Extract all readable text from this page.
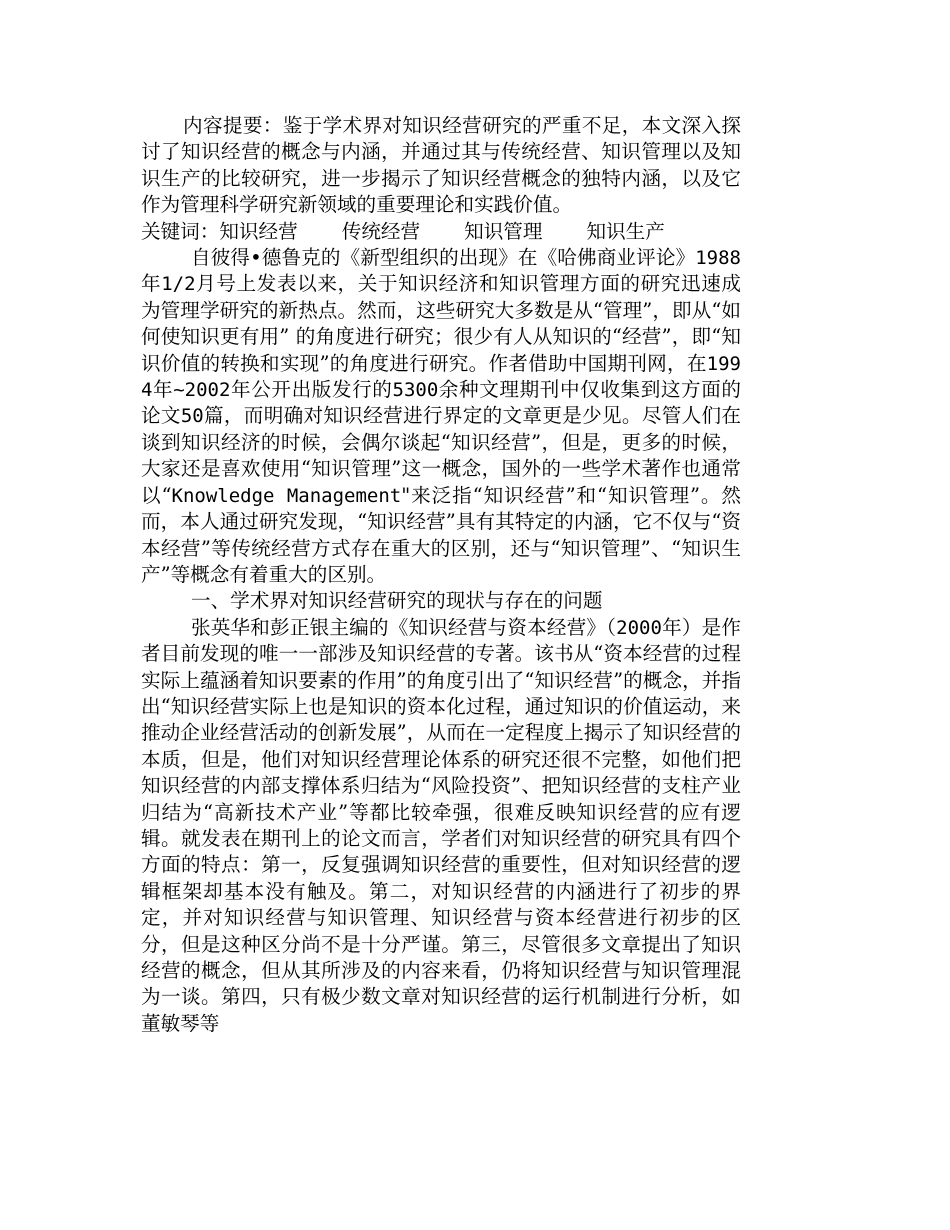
内容提要：鉴于学术界对知识经营研究的严重不足，本文深入探讨了知识经营的概念与内涵，并通过其与传统经营、知识管理以及知识生产的比较研究，进一步揭示了知识经营概念的独特内涵，以及它作为管理科学研究新领域的重要理论和实践价值。

关键词：知识经营 传统经营 知识管理 知识生产

自彼得•德鲁克的《新型组织的出现》在《哈佛商业评论》1988年1/2月号上发表以来，关于知识经济和知识管理方面的研究迅速成为管理学研究的新热点。然而，这些研究大多数是从“管理”，即从“如何使知识更有用” 的角度进行研究；很少有人从知识的“经营”，即“知识价值的转换和实现”的角度进行研究。作者借助中国期刊网，在1994年~2002年公开出版发行的5300余种文理期刊中仅收集到这方面的论文50篇，而明确对知识经营进行界定的文章更是少见。尽管人们在谈到知识经济的时候，会偶尔谈起“知识经营”，但是，更多的时候，大家还是喜欢使用“知识管理”这一概念，国外的一些学术著作也通常以“Knowledge Management"来泛指“知识经营”和“知识管理”。然而，本人通过研究发现，“知识经营”具有其特定的内涵，它不仅与“资本经营”等传统经营方式存在重大的区别，还与“知识管理”、“知识生产”等概念有着重大的区别。

一、学术界对知识经营研究的现状与存在的问题

张英华和彭正银主编的《知识经营与资本经营》（2000年）是作者目前发现的唯一一部涉及知识经营的专著。该书从“资本经营的过程实际上蕴涵着知识要素的作用”的角度引出了“知识经营”的概念，并指出“知识经营实际上也是知识的资本化过程，通过知识的价值运动，来推动企业经营活动的创新发展”，从而在一定程度上揭示了知识经营的本质，但是，他们对知识经营理论体系的研究还很不完整，如他们把知识经营的内部支撑体系归结为“风险投资”、把知识经营的支柱产业归结为“高新技术产业”等都比较牵强，很难反映知识经营的应有逻辑。就发表在期刊上的论文而言，学者们对知识经营的研究具有四个方面的特点：第一，反复强调知识经营的重要性，但对知识经营的逻辑框架却基本没有触及。第二，对知识经营的内涵进行了初步的界定，并对知识经营与知识管理、知识经营与资本经营进行初步的区分，但是这种区分尚不是十分严谨。第三，尽管很多文章提出了知识经营的概念，但从其所涉及的内容来看，仍将知识经营与知识管理混为一谈。第四，只有极少数文章对知识经营的运行机制进行分析，如董敏琴等
